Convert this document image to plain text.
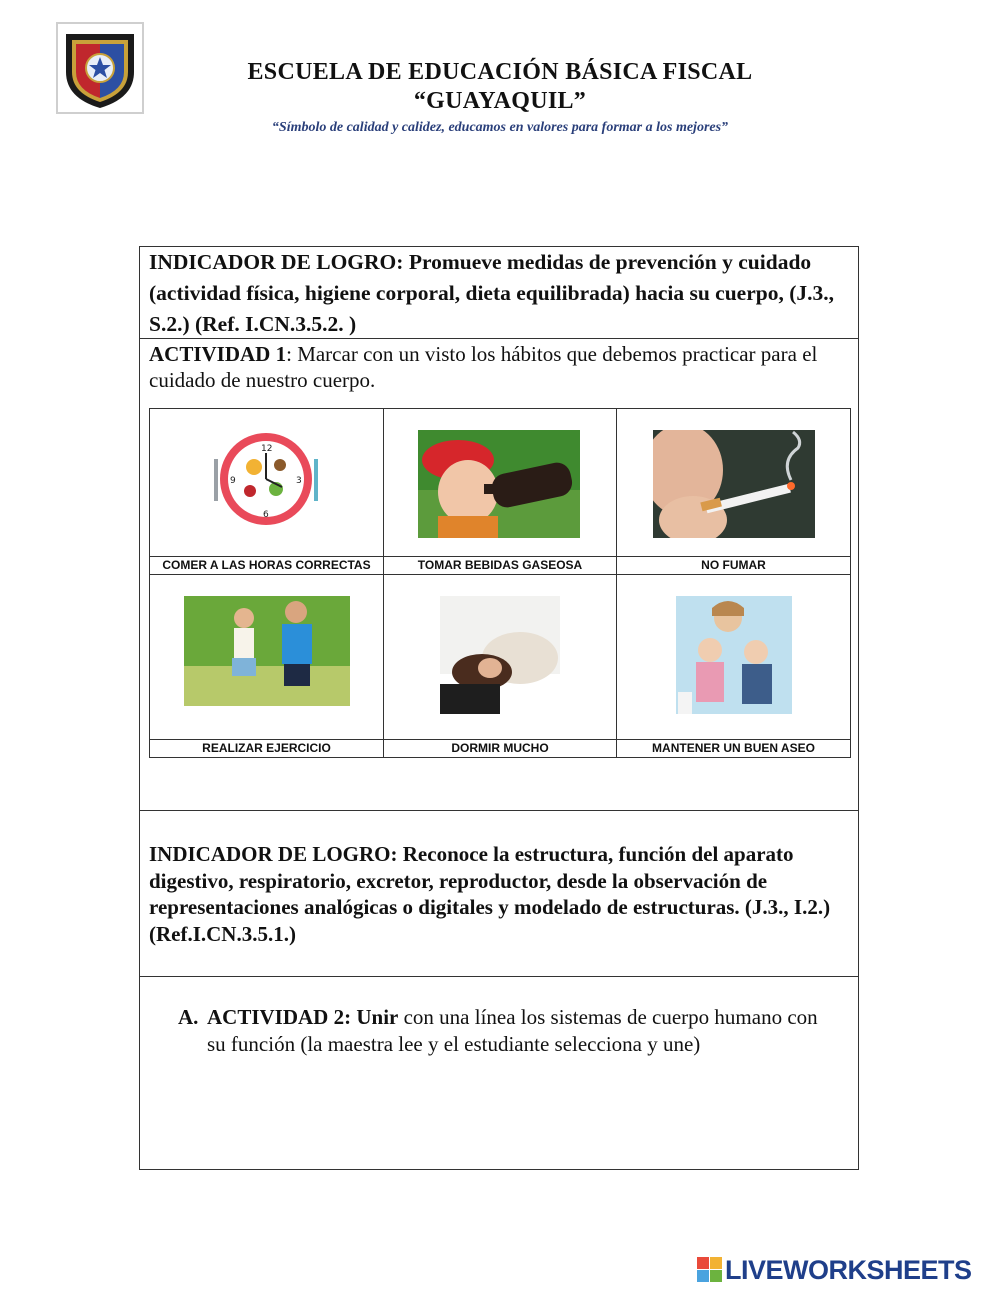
ESCUELA DE EDUCACIÓN BÁSICA FISCAL
“GUAYAQUIL”
“Símbolo de calidad y calidez, educamos en valores para formar a los mejores”
INDICADOR DE LOGRO: Promueve medidas de prevención y cuidado (actividad física, higiene corporal, dieta equilibrada) hacia su cuerpo, (J.3., S.2.) (Ref. I.CN.3.5.2. )
ACTIVIDAD 1: Marcar con un visto los hábitos que debemos practicar para el cuidado de nuestro cuerpo.
12
6
9	3
COMER A LAS HORAS CORRECTAS	TOMAR BEBIDAS GASEOSA	NO FUMAR
REALIZAR EJERCICIO	DORMIR MUCHO	MANTENER UN BUEN ASEO
INDICADOR DE LOGRO: Reconoce la estructura, función del aparato digestivo, respiratorio, excretor, reproductor, desde la observación de representaciones analógicas o digitales y modelado de estructuras. (J.3., I.2.) (Ref.I.CN.3.5.1.)
A. ACTIVIDAD 2: Unir con una línea los sistemas de cuerpo humano con su función (la maestra lee y el estudiante selecciona y une)
LIVEWORKSHEETS
